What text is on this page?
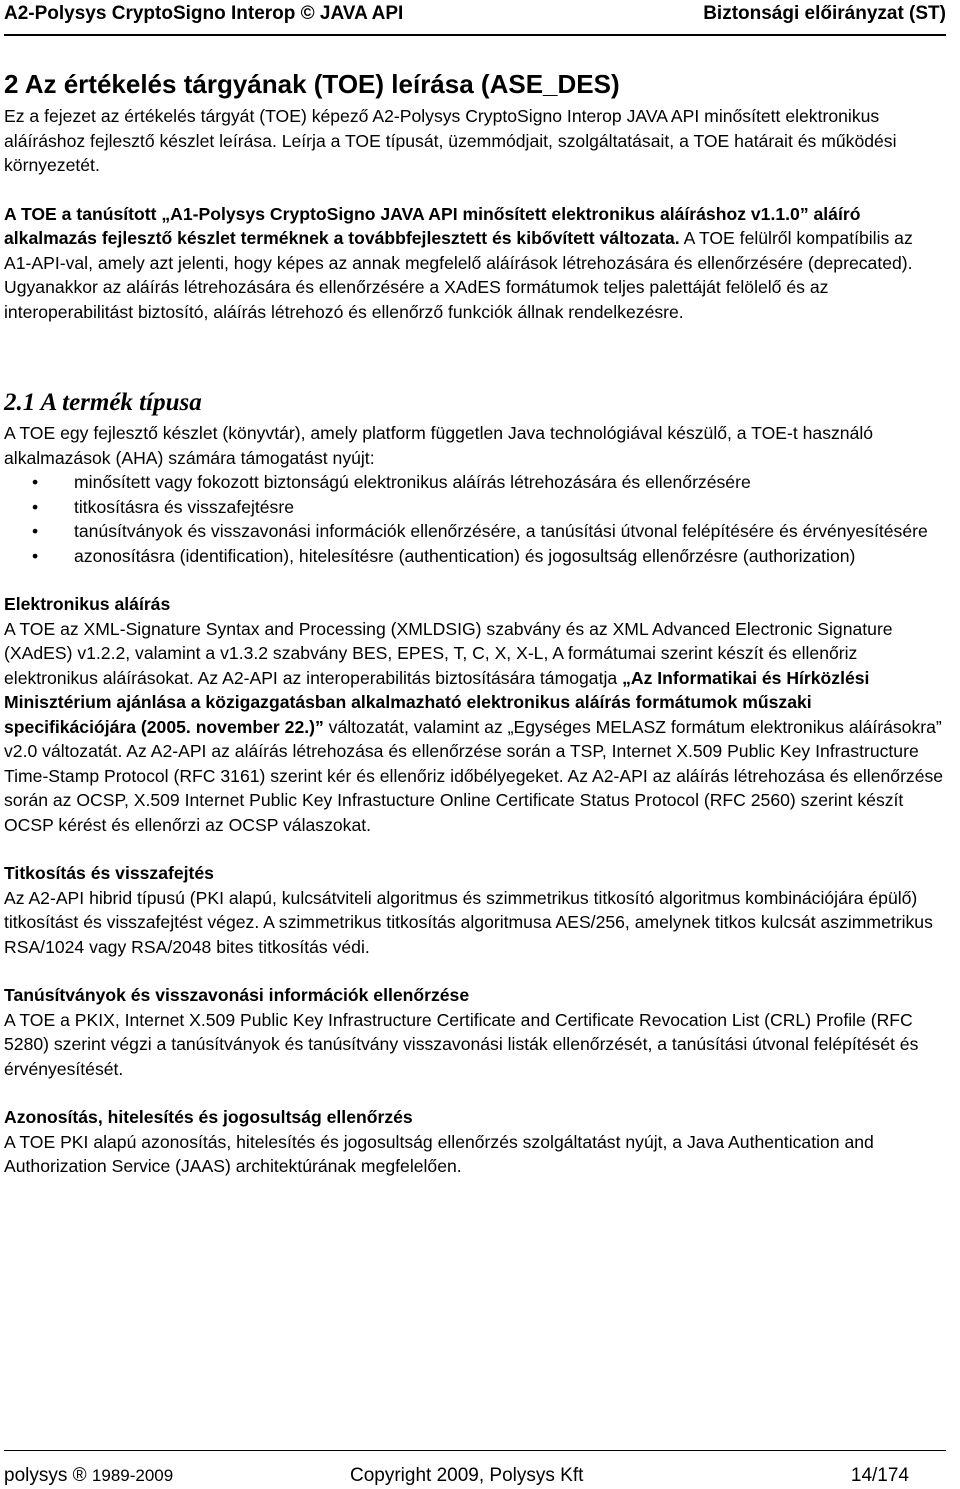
A2-Polysys CryptoSigno Interop © JAVA API	Biztonsági előirányzat (ST)
2 Az értékelés tárgyának (TOE) leírása (ASE_DES)

Ez a fejezet az értékelés tárgyát (TOE) képező A2-Polysys CryptoSigno Interop JAVA API minősített elektronikus aláíráshoz fejlesztő készlet leírása. Leírja a TOE típusát, üzemmódjait, szolgáltatásait, a TOE határait és működési környezetét.

A TOE a tanúsított „A1-Polysys CryptoSigno JAVA API minősített elektronikus aláíráshoz v1.1.0” aláíró alkalmazás fejlesztő készlet terméknek a továbbfejlesztett és kibővített változata. A TOE felülről kompatíbilis az A1-API-val, amely azt jelenti, hogy képes az annak megfelelő aláírások létrehozására és ellenőrzésére (deprecated). Ugyanakkor az aláírás létrehozására és ellenőrzésére a XAdES formátumok teljes palettáját felölelő és az interoperabilitást biztosító, aláírás létrehozó és ellenőrző funkciók állnak rendelkezésre.

2.1 A termék típusa

A TOE egy fejlesztő készlet (könyvtár), amely platform független Java technológiával készülő, a TOE-t használó alkalmazások (AHA) számára támogatást nyújt:

• minősített vagy fokozott biztonságú elektronikus aláírás létrehozására és ellenőrzésére
• titkosításra és visszafejtésre
• tanúsítványok és visszavonási információk ellenőrzésére, a tanúsítási útvonal felépítésére és érvényesítésére
• azonosításra (identification), hitelesítésre (authentication) és jogosultság ellenőrzésre (authorization)

Elektronikus aláírás

A TOE az XML-Signature Syntax and Processing (XMLDSIG) szabvány és az XML Advanced Electronic Signature (XAdES) v1.2.2, valamint a v1.3.2 szabvány BES, EPES, T, C, X, X-L, A formátumai szerint készít és ellenőriz elektronikus aláírásokat. Az A2-API az interoperabilitás biztosítására támogatja „Az Informatikai és Hírközlési Minisztérium ajánlása a közigazgatásban alkalmazható elektronikus aláírás formátumok műszaki specifikációjára (2005. november 22.)” változatát, valamint az „Egységes MELASZ formátum elektronikus aláírásokra” v2.0 változatát. Az A2-API az aláírás létrehozása és ellenőrzése során a TSP, Internet X.509 Public Key Infrastructure Time-Stamp Protocol (RFC 3161) szerint kér és ellenőriz időbélyegeket. Az A2-API az aláírás létrehozása és ellenőrzése során az OCSP, X.509 Internet Public Key Infrastucture Online Certificate Status Protocol (RFC 2560) szerint készít OCSP kérést és ellenőrzi az OCSP válaszokat.

Titkosítás és visszafejtés

Az A2-API hibrid típusú (PKI alapú, kulcsátviteli algoritmus és szimmetrikus titkosító algoritmus kombinációjára épülő) titkosítást és visszafejtést végez. A szimmetrikus titkosítás algoritmusa AES/256, amelynek titkos kulcsát aszimmetrikus RSA/1024 vagy RSA/2048 bites titkosítás védi.

Tanúsítványok és visszavonási információk ellenőrzése

A TOE a PKIX, Internet X.509 Public Key Infrastructure Certificate and Certificate Revocation List (CRL) Profile (RFC 5280) szerint végzi a tanúsítványok és tanúsítvány visszavonási listák ellenőrzését, a tanúsítási útvonal felépítését és érvényesítését.

Azonosítás, hitelesítés és jogosultság ellenőrzés

A TOE PKI alapú azonosítás, hitelesítés és jogosultság ellenőrzés szolgáltatást nyújt, a Java Authentication and Authorization Service (JAAS) architektúrának megfelelően.

polysys ® 1989-2009	Copyright 2009, Polysys Kft	14/174
